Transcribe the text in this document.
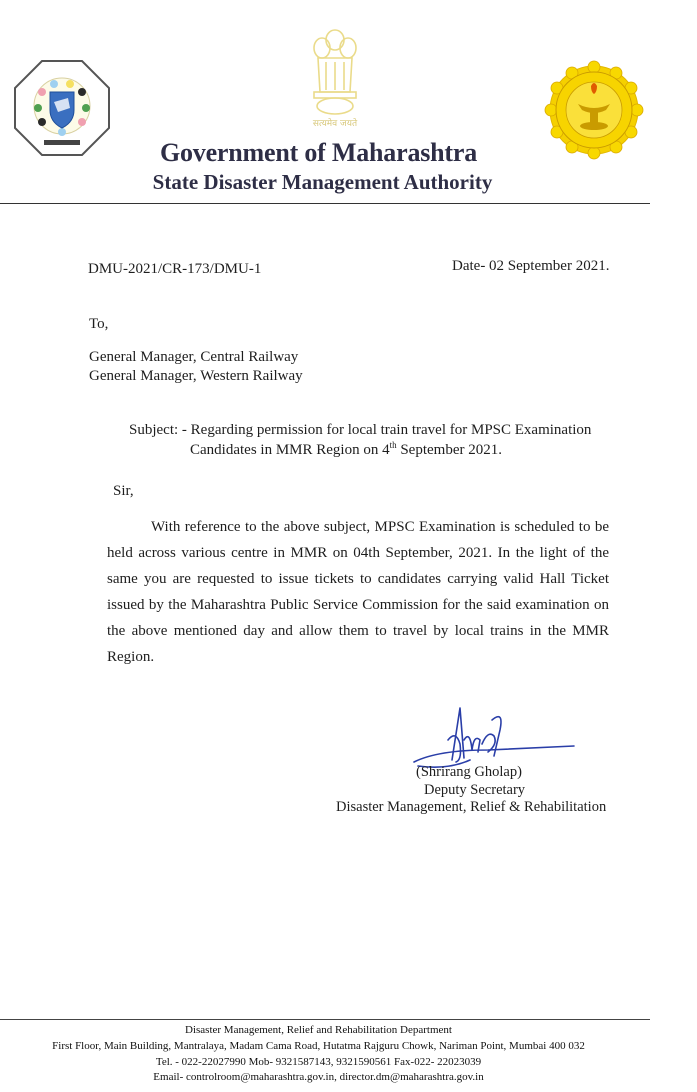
सत्यमेव जयते
Government of Maharashtra
State Disaster Management Authority
DMU-2021/CR-173/DMU-1	Date- 02 September 2021.
To,
General Manager, Central Railway
General Manager, Western Railway
Subject: - Regarding permission for local train travel for MPSC Examination
Candidates in MMR Region on 4th September 2021.
Sir,
With reference to the above subject, MPSC Examination is scheduled to be held across various centre in MMR on 04th September, 2021. In the light of the same you are requested to issue tickets to candidates carrying valid Hall Ticket issued by the Maharashtra Public Service Commission for the said examination on the above mentioned day and allow them to travel by local trains in the MMR Region.
(Shrirang Gholap)
Deputy Secretary
Disaster Management, Relief & Rehabilitation
Disaster Management, Relief and Rehabilitation Department
First Floor, Main Building, Mantralaya, Madam Cama Road, Hutatma Rajguru Chowk, Nariman Point, Mumbai 400 032
Tel. - 022-22027990 Mob- 9321587143, 9321590561 Fax-022- 22023039
Email- controlroom@maharashtra.gov.in, director.dm@maharashtra.gov.in
